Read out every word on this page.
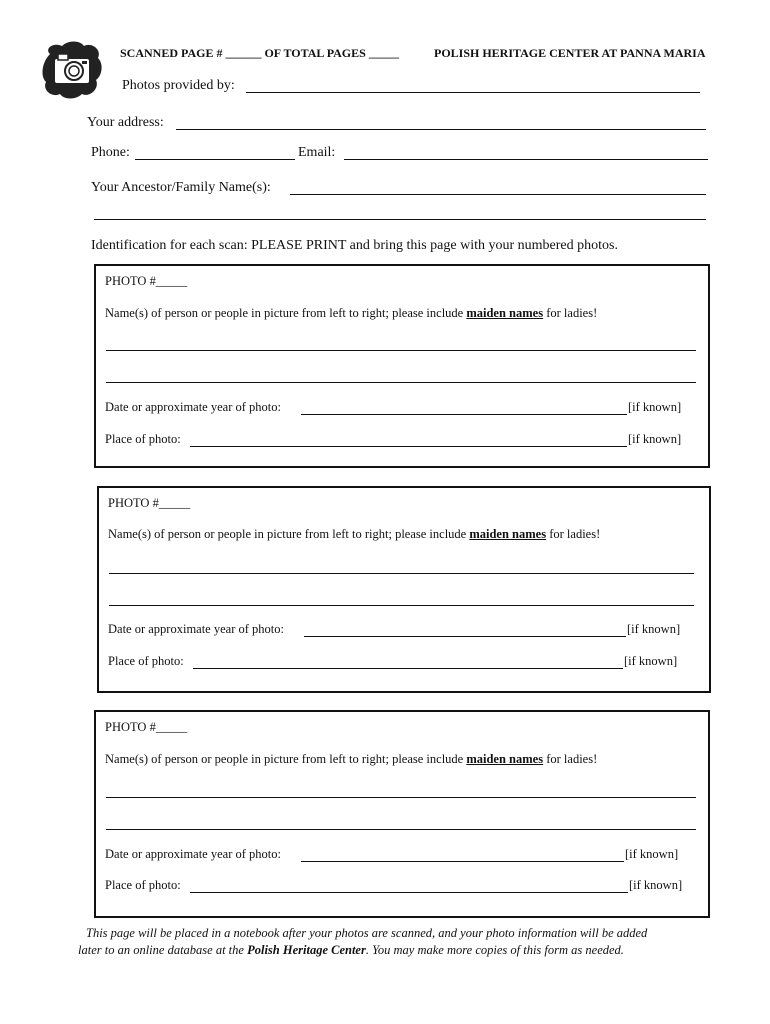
SCANNED PAGE # ______ OF TOTAL PAGES _____	POLISH HERITAGE CENTER AT PANNA MARIA
Photos provided by:
Your address:
Phone:	Email:
Your Ancestor/Family Name(s):
Identification for each scan: PLEASE PRINT and bring this page with your numbered photos.
PHOTO #_____
Name(s) of person or people in picture from left to right; please include maiden names for ladies!
Date or approximate year of photo:	[if known]
Place of photo:	[if known]
PHOTO #_____
Name(s) of person or people in picture from left to right; please include maiden names for ladies!
Date or approximate year of photo:	[if known]
Place of photo:	[if known]
PHOTO #_____
Name(s) of person or people in picture from left to right; please include maiden names for ladies!
Date or approximate year of photo:	[if known]
Place of photo:	[if known]
This page will be placed in a notebook after your photos are scanned, and your photo information will be added
later to an online database at the Polish Heritage Center. You may make more copies of this form as needed.
